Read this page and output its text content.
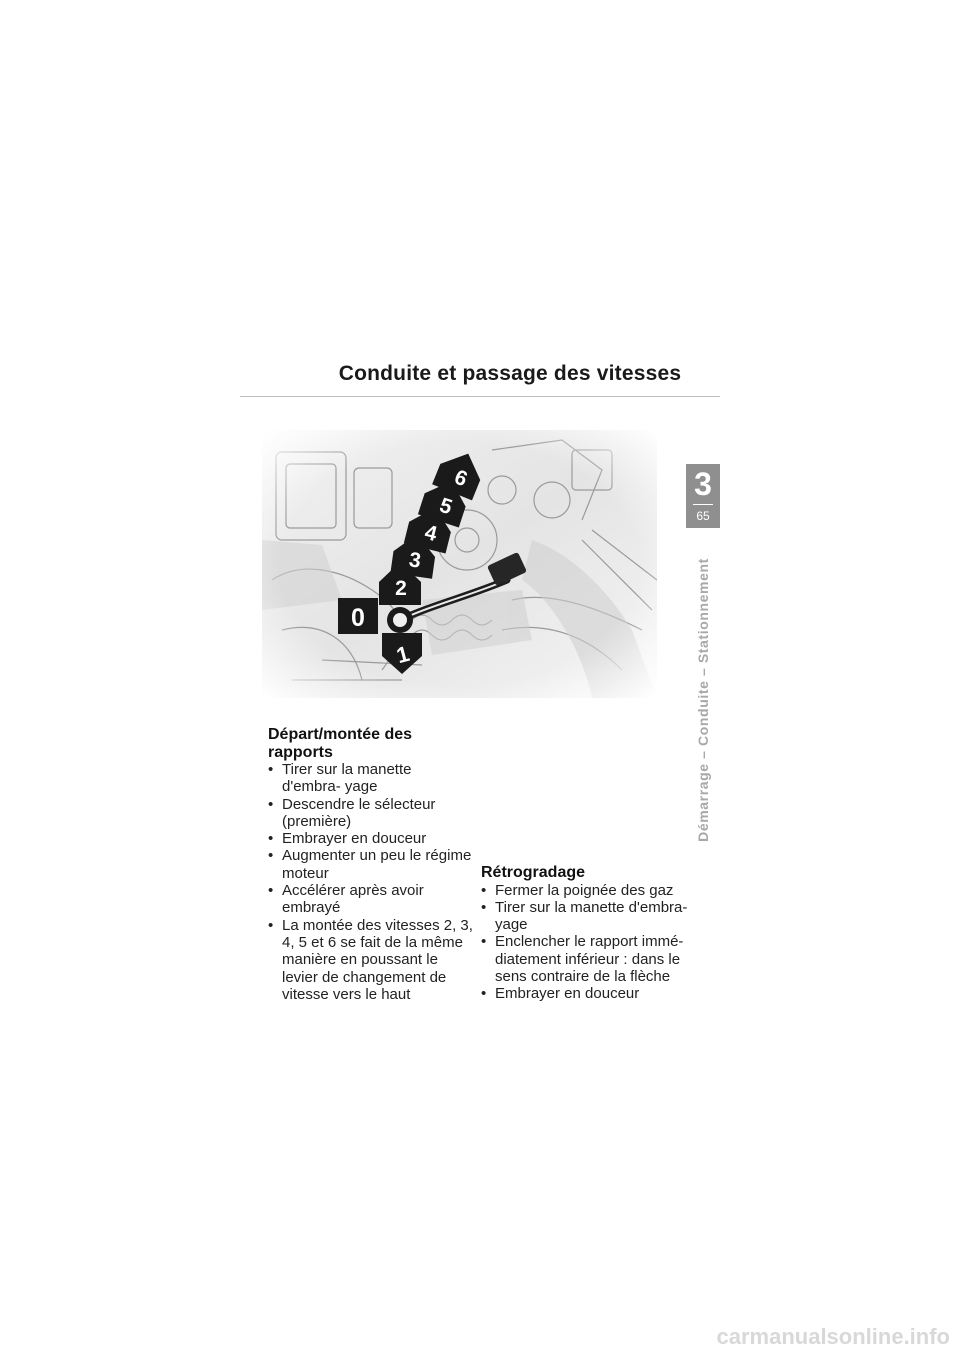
Conduite et passage des vitesses
3
65
Démarrage – Conduite – Stationnement
Départ/montée des rapports
• Tirer sur la manette d'embra- yage
• Descendre le sélecteur (première)
• Embrayer en douceur
• Augmenter un peu le régime moteur
• Accélérer après avoir embrayé
• La montée des vitesses 2, 3, 4, 5 et 6 se fait de la même manière en poussant le levier de changement de vitesse vers le haut
Rétrogradage
• Fermer la poignée des gaz
• Tirer sur la manette d'embra- yage
• Enclencher le rapport immé- diatement inférieur : dans le sens contraire de la flèche
• Embrayer en douceur
carmanualsonline.info
